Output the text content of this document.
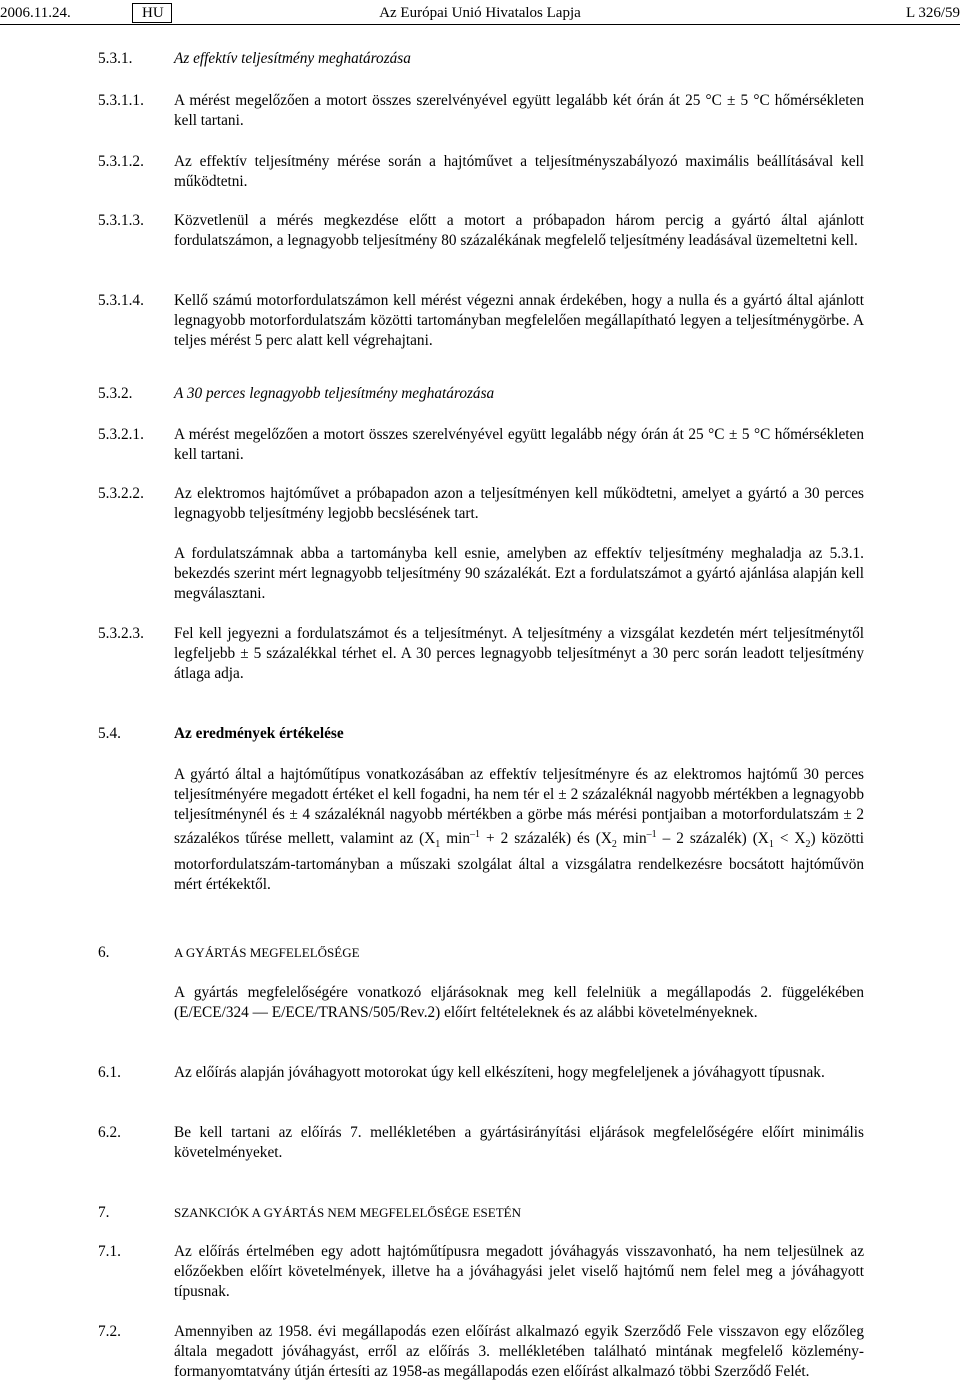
2006.11.24.	HU	Az Európai Unió Hivatalos Lapja	L 326/59
5.3.1.	Az effektív teljesítmény meghatározása
5.3.1.1. A mérést megelőzően a motort összes szerelvényével együtt legalább két órán át 25 °C ± 5 °C hőmérsékleten kell tartani.
5.3.1.2. Az effektív teljesítmény mérése során a hajtóművet a teljesítményszabályozó maximális beállításával kell működtetni.
5.3.1.3. Közvetlenül a mérés megkezdése előtt a motort a próbapadon három percig a gyártó által ajánlott fordulatszámon, a legnagyobb teljesítmény 80 százalékának megfelelő teljesítmény leadásával üzemeltetni kell.
5.3.1.4. Kellő számú motorfordulatszámon kell mérést végezni annak érdekében, hogy a nulla és a gyártó által ajánlott legnagyobb motorfordulatszám közötti tartományban megfelelően megállapítható legyen a teljesítménygörbe. A teljes mérést 5 perc alatt kell végrehajtani.
5.3.2.	A 30 perces legnagyobb teljesítmény meghatározása
5.3.2.1. A mérést megelőzően a motort összes szerelvényével együtt legalább négy órán át 25 °C ± 5 °C hőmérsékleten kell tartani.
5.3.2.2. Az elektromos hajtóművet a próbapadon azon a teljesítményen kell működtetni, amelyet a gyártó a 30 perces legnagyobb teljesítmény legjobb becslésének tart.
A fordulatszámnak abba a tartományba kell esnie, amelyben az effektív teljesítmény meghaladja az 5.3.1. bekezdés szerint mért legnagyobb teljesítmény 90 százalékát. Ezt a fordulatszámot a gyártó ajánlása alapján kell megválasztani.
5.3.2.3. Fel kell jegyezni a fordulatszámot és a teljesítményt. A teljesítmény a vizsgálat kezdetén mért teljesítménytől legfeljebb ± 5 százalékkal térhet el. A 30 perces legnagyobb teljesítményt a 30 perc során leadott teljesítmény átlaga adja.
5.4.	Az eredmények értékelése
A gyártó által a hajtóműtípus vonatkozásában az effektív teljesítményre és az elektromos hajtómű 30 perces teljesítményére megadott értéket el kell fogadni, ha nem tér el ± 2 százaléknál nagyobb mértékben a legnagyobb teljesítménynél és ± 4 százaléknál nagyobb mértékben a görbe más mérési pontjaiban a motorfordulatszám ± 2 százalékos tűrése mellett, valamint az ($X_1$ $\min^{-1} + 2$ százalék) és ($X_2$ $\min^{-1} - 2$ százalék) $(X_1 < X_2)$ közötti motorfordulatszám-tartományban a műszaki szolgálat által a vizsgálatra rendelkezésre bocsátott hajtóművön mért értékektől.
6.	A GYÁRTÁS MEGFELELŐSÉGE
A gyártás megfelelőségére vonatkozó eljárásoknak meg kell felelniük a megállapodás 2. függelékében (E/ECE/324 — E/ECE/TRANS/505/Rev.2) előírt feltételeknek és az alábbi követelményeknek.
6.1.	Az előírás alapján jóváhagyott motorokat úgy kell elkészíteni, hogy megfeleljenek a jóváhagyott típusnak.
6.2.	Be kell tartani az előírás 7. mellékletében a gyártásirányítási eljárások megfelelőségére előírt minimális követelményeket.
7.	SZANKCIÓK A GYÁRTÁS NEM MEGFELELŐSÉGE ESETÉN
7.1.	Az előírás értelmében egy adott hajtóműtípusra megadott jóváhagyás visszavonható, ha nem teljesülnek az előzőekben előírt követelmények, illetve ha a jóváhagyási jelet viselő hajtómű nem felel meg a jóváhagyott típusnak.
7.2.	Amennyiben az 1958. évi megállapodás ezen előírást alkalmazó egyik Szerződő Fele visszavon egy előzőleg általa megadott jóváhagyást, erről az előírás 3. mellékletében található mintának megfelelő közlemény-formanyomtatvány útján értesíti az 1958-as megállapodás ezen előírást alkalmazó többi Szerződő Felét.
